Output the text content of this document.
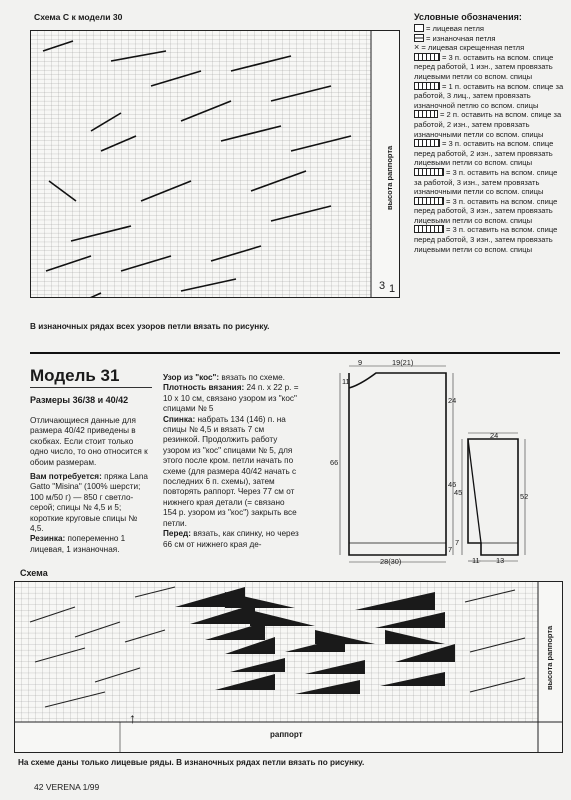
Схема С к модели 30
высота раппорта
3 1
В изнаночных рядах всех узоров петли вязать по рисунку.
Условные обозначения:
= лицевая петля
= изнаночная петля
× = лицевая скрещенная петля
= 3 п. оставить на вспом. спице перед работой, 1 изн., затем провязать лицевыми петли со вспом. спицы
= 1 п. оставить на вспом. спице за работой, 3 лиц., затем провязать изнаночной петлю со вспом. спицы
= 2 п. оставить на вспом. спице за работой, 2 изн., затем провязать изнаночными петли со вспом. спицы
= 3 п. оставить на вспом. спице перед работой, 2 изн., затем провязать лицевыми петли со вспом. спицы
= 3 п. оставить на вспом. спице за работой, 3 изн., затем провязать изнаночными петли со вспом. спицы
= 3 п. оставить на вспом. спице перед работой, 3 изн., затем провязать лицевыми петли со вспом. спицы
= 3 п. оставить на вспом. спице перед работой, 3 изн., затем провязать лицевыми петли со вспом. спицы
Модель 31
Размеры 36/38 и 40/42
Отличающиеся данные для размера 40/42 приведены в скобках. Если стоит только одно число, то оно относится к обоим размерам.
Вам потребуется: пряжа Lana Gatto "Misina" (100% шерсти; 100 м/50 г) — 850 г светло-серой; спицы № 4,5 и 5; короткие круговые спицы № 4,5.
Резинка: попеременно 1 лицевая, 1 изнаночная.
Узор из "кос": вязать по схеме.
Плотность вязания: 24 п. х 22 р. = 10 х 10 см, связано узором из "кос" спицами № 5
Спинка: набрать 134 (146) п. на спицы № 4,5 и вязать 7 см резинкой. Продолжить работу узором из "кос" спицами № 5, для этого после кром. петли начать по схеме (для размера 40/42 начать с последних 6 п. схемы), затем повторять раппорт. Через 77 см от нижнего края детали (= связано 154 р. узором из "кос") закрыть все петли.
Перед: вязать, как спинку, но через 66 см от нижнего края де-
9	19(21)
11
24
66
46
7
28(30)
24
45	52
7
11 13
Схема
высота раппорта
↑
раппорт
На схеме даны только лицевые ряды. В изнаночных рядах петли вязать по рисунку.
42 VERENA 1/99
